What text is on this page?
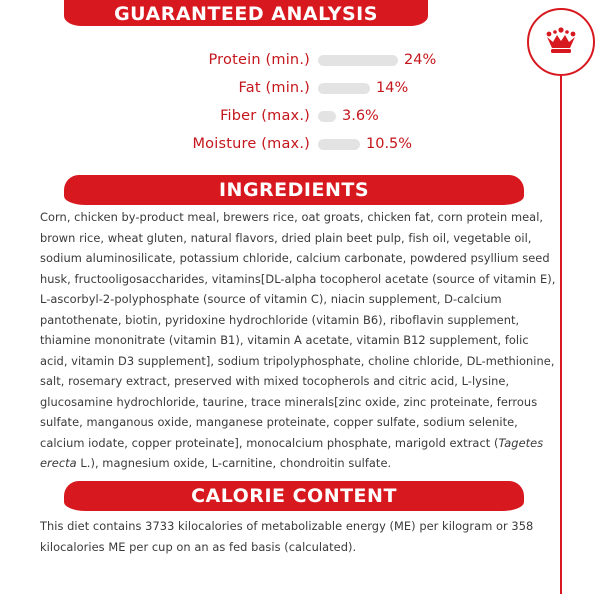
GUARANTEED ANALYSIS
Protein (min.)	24%
Fat (min.)	14%
Fiber (max.) 3.6%
Moisture (max.)	10.5%
INGREDIENTS
Corn, chicken by-product meal, brewers rice, oat groats, chicken fat, corn protein meal, brown rice, wheat gluten, natural flavors, dried plain beet pulp, fish oil, vegetable oil, sodium aluminosilicate, potassium chloride, calcium carbonate, powdered psyllium seed husk, fructooligosaccharides, vitamins[DL-alpha tocopherol acetate (source of vitamin E), L-ascorbyl-2-polyphosphate (source of vitamin C), niacin supplement, D-calcium pantothenate, biotin, pyridoxine hydrochloride (vitamin B6), riboflavin supplement, thiamine mononitrate (vitamin B1), vitamin A acetate, vitamin B12 supplement, folic acid, vitamin D3 supplement], sodium tripolyphosphate, choline chloride, DL-methionine, salt, rosemary extract, preserved with mixed tocopherols and citric acid, L-lysine, glucosamine hydrochloride, taurine, trace minerals[zinc oxide, zinc proteinate, ferrous sulfate, manganous oxide, manganese proteinate, copper sulfate, sodium selenite, calcium iodate, copper proteinate], monocalcium phosphate, marigold extract (Tagetes erecta L.), magnesium oxide, L-carnitine, chondroitin sulfate.
CALORIE CONTENT
This diet contains 3733 kilocalories of metabolizable energy (ME) per kilogram or 358 kilocalories ME per cup on an as fed basis (calculated).
